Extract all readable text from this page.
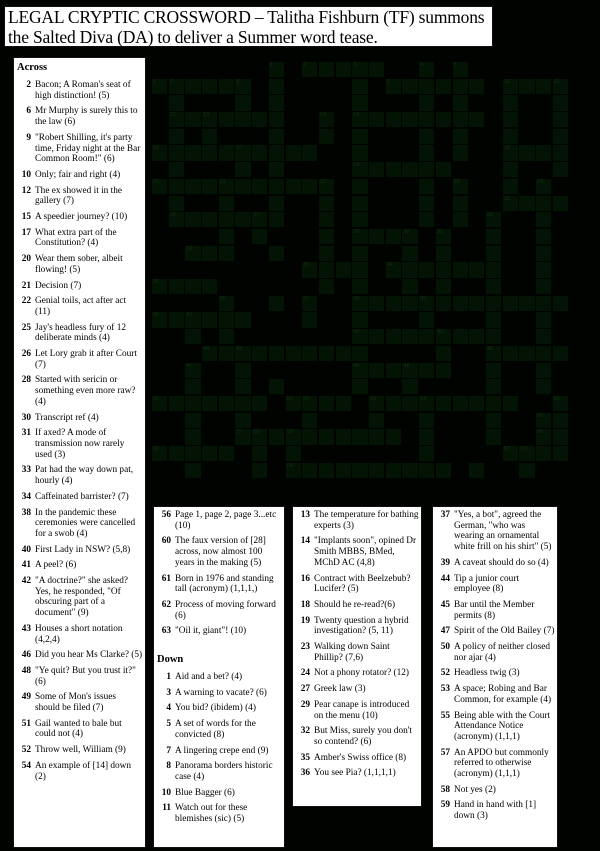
LEGAL CRYPTIC CROSSWORD – Talitha Fishburn (TF) summons the Salted Diva (DA) to deliver a Summer word tease.
1	2	3	4	5
6 7	8	9	10	11
12	13	14	15
16	17	18
19
20	21	22	23	24
25
26	27	28
29	30	31
32
33	34
35
36	37	38	39
40	41
42	43
44	45	46
47	48	49
50	51 52	53	54	55
56
57 58	59	60
61	62 63
64
Across
2 Bacon; A Roman's seat of high distinction! (5)
6 Mr Murphy is surely this to the law (6)
9 "Robert Shilling, it's party time, Friday night at the Bar Common Room!" (6)
10 Only; fair and right (4)
12 The ex showed it in the gallery (7)
15 A speedier journey? (10)
17 What extra part of the Constitution? (4)
20 Wear them sober, albeit flowing! (5)
21 Decision (7)
22 Genial toils, act after act (11)
25 Jay's headless fury of 12 deliberate minds (4)
26 Let Lory grab it after Court (7)
28 Started with sericin or something even more raw? (4)
30 Transcript ref (4)
31 If axed? A mode of transmission now rarely used (3)
33 Pat had the way down pat, hourly (4)
34 Caffeinated barrister? (7)
38 In the pandemic these ceremonies were cancelled for a swob (4)
40 First Lady in NSW? (5,8)
41 A peel? (6)
42 "A doctrine?" she asked? Yes, he responded, "Of obscuring part of a document" (9)
43 Houses a short notation (4,2,4)
46 Did you hear Ms Clarke? (5)
48 "Ye quit? But you trust it?" (6)
49 Some of Mon's issues should be filed (7)
51 Gail wanted to bale but could not (4)
52 Throw well, William (9)
54 An example of [14] down (2)
56 Page 1, page 2, page 3...etc (10)
60 The faux version of [28] across, now almost 100 years in the making (5)
61 Born in 1976 and standing tall (acronym) (1,1,1,)
62 Process of moving forward (6)
63 "Oil it, giant"! (10)
Down
1 Aid and a bet? (4)
3 A warning to vacate? (6)
4 You bid? (ibidem) (4)
5 A set of words for the convicted (8)
7 A lingering crepe end (9)
8 Panorama borders historic case (4)
10 Blue Bagger (6)
11 Watch out for these blemishes (sic) (5)
13 The temperature for bathing experts (3)
14 "Implants soon", opined Dr Smith MBBS, BMed, MChD AC (4,8)
16 Contract with Beelzebub? Lucifer? (5)
18 Should he re-read?(6)
19 Twenty question a hybrid investigation? (5, 11)
23 Walking down Saint Phillip? (7,6)
24 Not a phony rotator? (12)
27 Greek law (3)
29 Pear canape is introduced on the menu (10)
32 But Miss, surely you don't so contend? (6)
35 Amber's Swiss office (8)
36 You see Pia? (1,1,1,1)
37 "Yes, a bot", agreed the German, "who was wearing an ornamental white frill on his shirt" (5)
39 A caveat should do so (4)
44 Tip a junior court employee (8)
45 Bar until the Member permits (8)
47 Spirit of the Old Bailey (7)
50 A policy of neither closed nor ajar (4)
52 Headless twig (3)
53 A space; Robing and Bar Common, for example (4)
55 Being able with the Court Attendance Notice (acronym) (1,1,1)
57 An APDO but commonly referred to otherwise (acronym) (1,1,1)
58 Not yes (2)
59 Hand in hand with [1] down (3)
